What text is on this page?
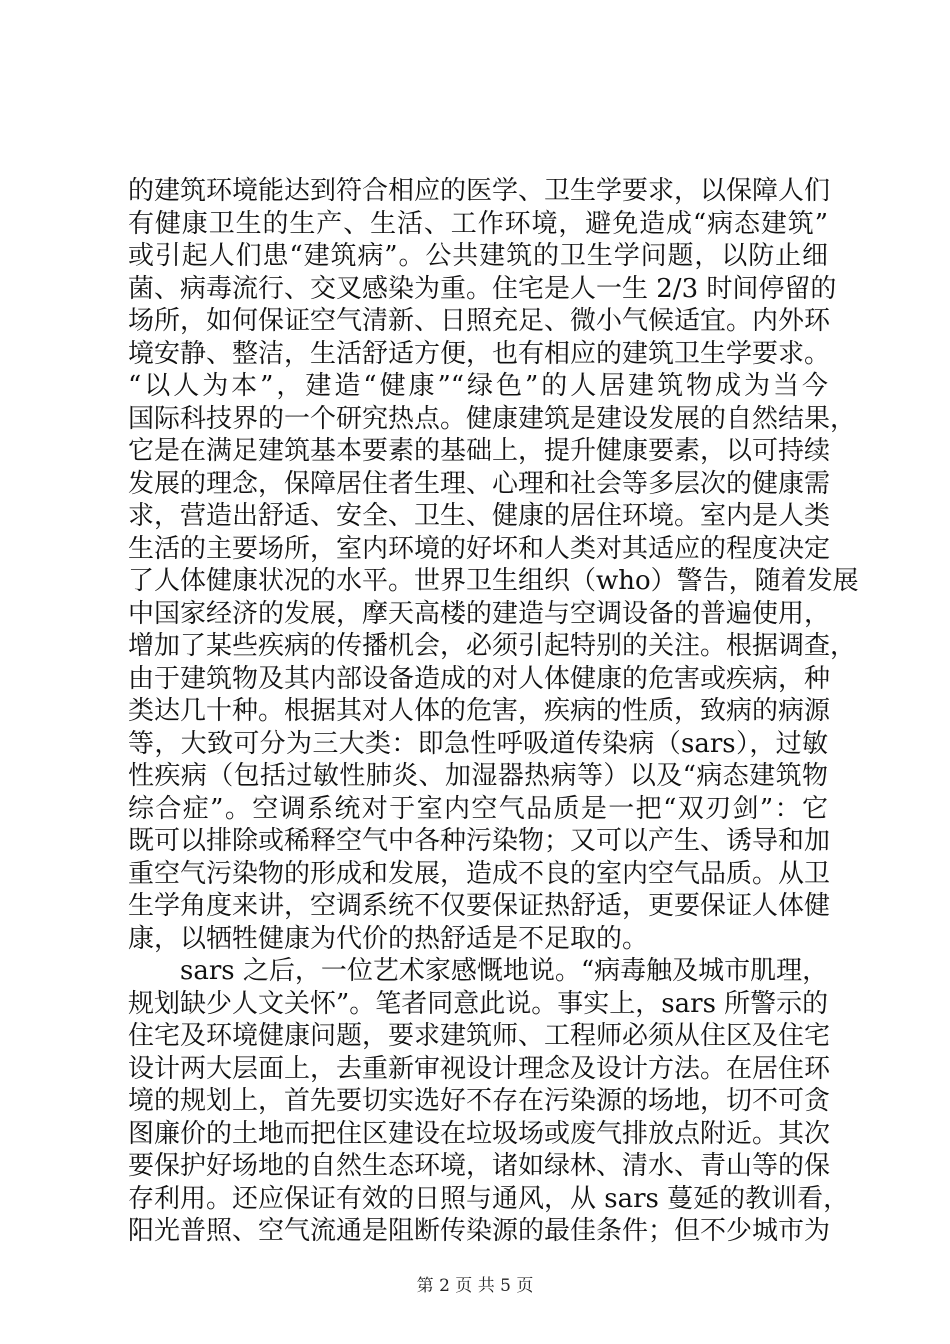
的建筑环境能达到符合相应的医学、卫生学要求，以保障人们
有健康卫生的生产、生活、工作环境，避免造成“病态建筑”
或引起人们患“建筑病”。公共建筑的卫生学问题，以防止细
菌、病毒流行、交叉感染为重。住宅是人一生 2/3 时间停留的
场所，如何保证空气清新、日照充足、微小气候适宜。内外环
境安静、整洁，生活舒适方便，也有相应的建筑卫生学要求。
“以人为本”，建造“健康”“绿色”的人居建筑物成为当今
国际科技界的一个研究热点。健康建筑是建设发展的自然结果，
它是在满足建筑基本要素的基础上，提升健康要素，以可持续
发展的理念，保障居住者生理、心理和社会等多层次的健康需
求，营造出舒适、安全、卫生、健康的居住环境。室内是人类
生活的主要场所，室内环境的好坏和人类对其适应的程度决定
了人体健康状况的水平。世界卫生组织（who）警告，随着发展
中国家经济的发展，摩天高楼的建造与空调设备的普遍使用，
增加了某些疾病的传播机会，必须引起特别的关注。根据调查，
由于建筑物及其内部设备造成的对人体健康的危害或疾病，种
类达几十种。根据其对人体的危害，疾病的性质，致病的病源
等，大致可分为三大类：即急性呼吸道传染病（sars），过敏
性疾病（包括过敏性肺炎、加湿器热病等）以及“病态建筑物
综合症”。空调系统对于室内空气品质是一把“双刃剑”：它
既可以排除或稀释空气中各种污染物；又可以产生、诱导和加
重空气污染物的形成和发展，造成不良的室内空气品质。从卫
生学角度来讲，空调系统不仅要保证热舒适，更要保证人体健
康，以牺牲健康为代价的热舒适是不足取的。
sars 之后，一位艺术家感慨地说。“病毒触及城市肌理，
规划缺少人文关怀”。笔者同意此说。事实上，sars 所警示的
住宅及环境健康问题，要求建筑师、工程师必须从住区及住宅
设计两大层面上，去重新审视设计理念及设计方法。在居住环
境的规划上，首先要切实选好不存在污染源的场地，切不可贪
图廉价的土地而把住区建设在垃圾场或废气排放点附近。其次
要保护好场地的自然生态环境，诸如绿林、清水、青山等的保
存利用。还应保证有效的日照与通风，从 sars 蔓延的教训看，
阳光普照、空气流通是阻断传染源的最佳条件；但不少城市为
第 2 页 共 5 页
